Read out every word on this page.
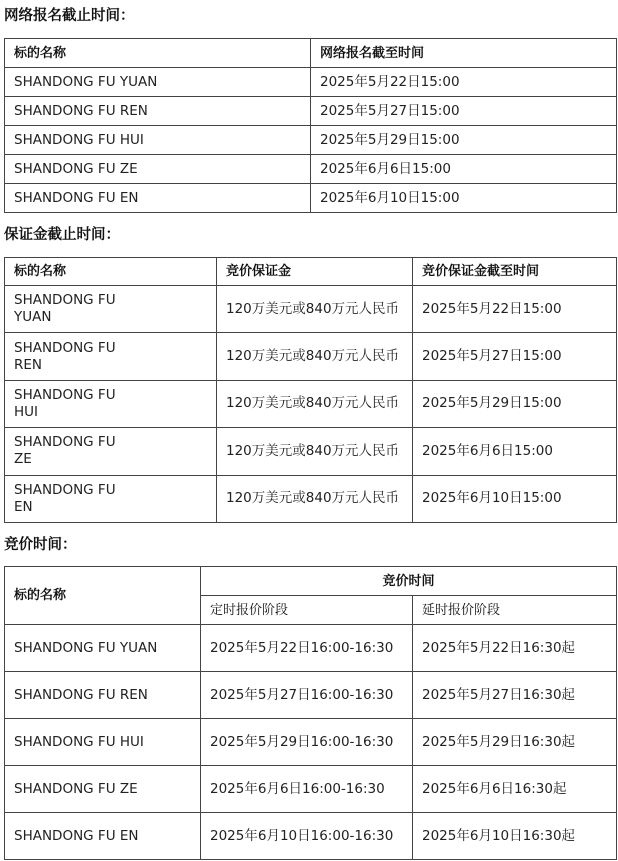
网络报名截止时间：
标的名称	网络报名截至时间
SHANDONG FU YUAN	2025年5月22日15:00
SHANDONG FU REN	2025年5月27日15:00
SHANDONG FU HUI	2025年5月29日15:00
SHANDONG FU ZE	2025年6月6日15:00
SHANDONG FU EN	2025年6月10日15:00
保证金截止时间：
标的名称	竞价保证金	竞价保证金截至时间
SHANDONG FU YUAN	120万美元或840万元人民币	2025年5月22日15:00
SHANDONG FU REN	120万美元或840万元人民币	2025年5月27日15:00
SHANDONG FU HUI	120万美元或840万元人民币	2025年5月29日15:00
SHANDONG FU ZE	120万美元或840万元人民币	2025年6月6日15:00
SHANDONG FU EN	120万美元或840万元人民币	2025年6月10日15:00
竞价时间：
标的名称	竞价时间	
	定时报价阶段	延时报价阶段
SHANDONG FU YUAN	2025年5月22日16:00-16:30	2025年5月22日16:30起
SHANDONG FU REN	2025年5月27日16:00-16:30	2025年5月27日16:30起
SHANDONG FU HUI	2025年5月29日16:00-16:30	2025年5月29日16:30起
SHANDONG FU ZE	2025年6月6日16:00-16:30	2025年6月6日16:30起
SHANDONG FU EN	2025年6月10日16:00-16:30	2025年6月10日16:30起
